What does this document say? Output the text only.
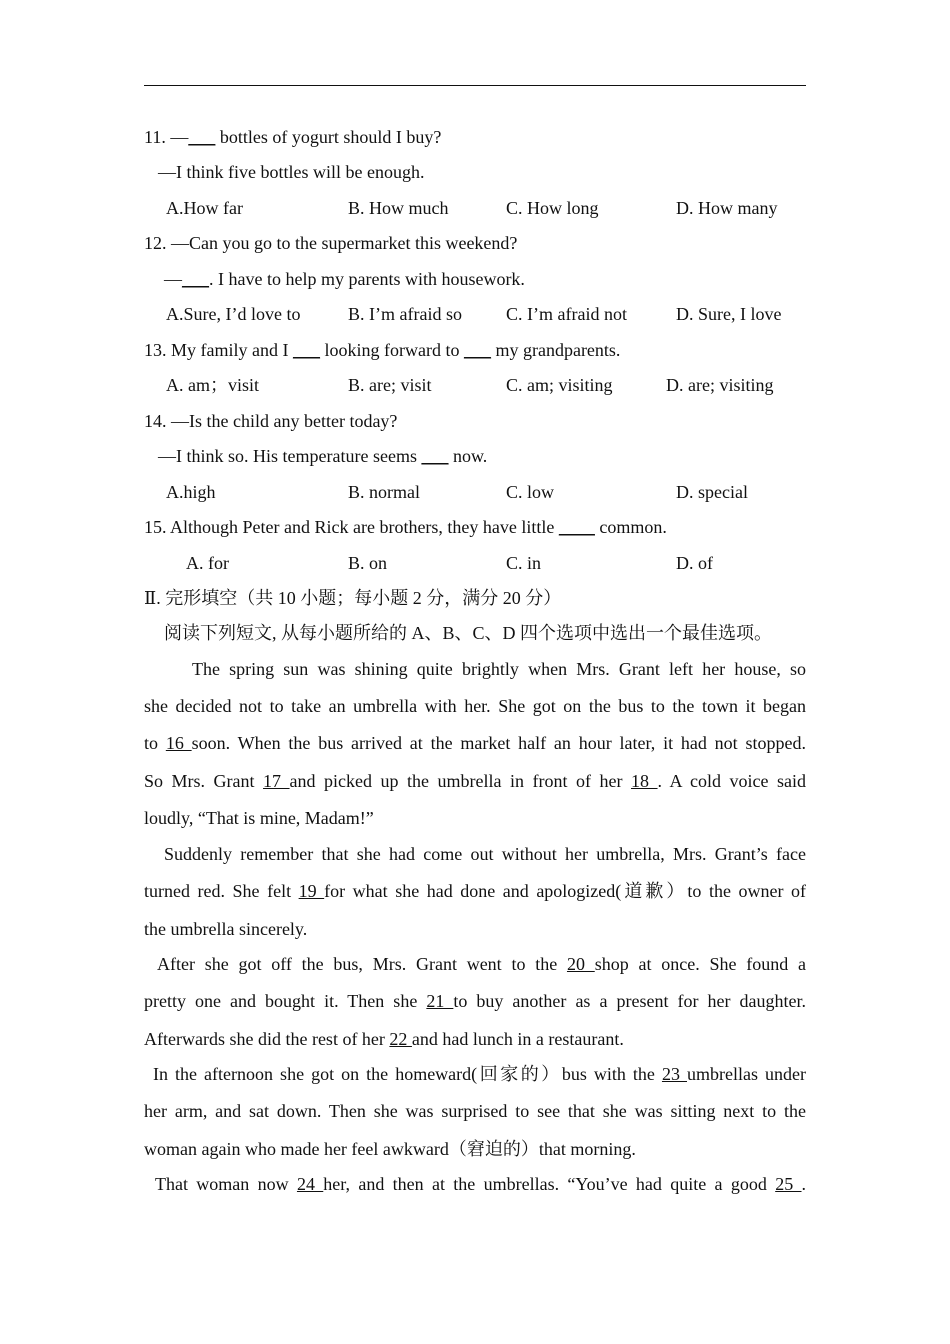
11. —___ bottles of yogurt should I buy?
—I think five bottles will be enough.
A.How far	B. How much	C. How long	D. How many
12. —Can you go to the supermarket this weekend?
—___. I have to help my parents with housework.
A.Sure, I’d love to	B. I’m afraid so C. I’m afraid not	D. Sure, I love
13. My family and I ___ looking forward to ___ my grandparents.
A. am；visit	B. are; visit	C. am; visiting	D. are; visiting
14. —Is the child any better today?
—I think so. His temperature seems ___ now.
A.high	B. normal	C. low	D. special
15. Although Peter and Rick are brothers, they have little ____ common.
A. for	B. on	C. in	D. of
Ⅱ. 完形填空（共 10 小题；每小题 2 分，满分 20 分）
阅读下列短文, 从每小题所给的 A、B、C、D 四个选项中选出一个最佳选项。
The spring sun was shining quite brightly when Mrs. Grant left her house, so
she decided not to take an umbrella with her. She got on the bus to the town it began
to 16 soon. When the bus arrived at the market half an hour later, it had not stopped.
So Mrs. Grant 17 and picked up the umbrella in front of her 18 . A cold voice said
loudly, “That is mine, Madam!”
Suddenly remember that she had come out without her umbrella, Mrs. Grant’s face
turned red. She felt 19 for what she had done and apologized(道歉）to the owner of
the umbrella sincerely.
After she got off the bus, Mrs. Grant went to the 20 shop at once. She found a
pretty one and bought it. Then she 21 to buy another as a present for her daughter.
Afterwards she did the rest of her 22 and had lunch in a restaurant.
In the afternoon she got on the homeward(回家的）bus with the 23 umbrellas under
her arm, and sat down. Then she was surprised to see that she was sitting next to the
woman again who made her feel awkward（窘迫的）that morning.
That woman now 24 her, and then at the umbrellas. “You’ve had quite a good 25 .
